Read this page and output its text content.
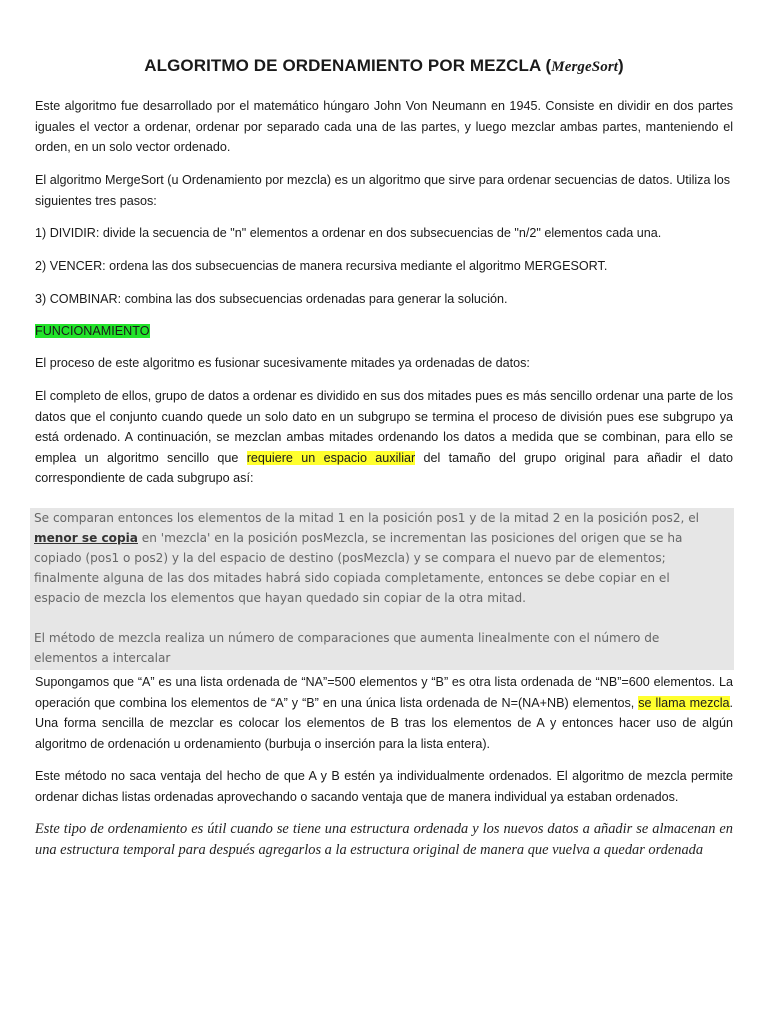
ALGORITMO DE ORDENAMIENTO POR MEZCLA (MergeSort)

Este algoritmo fue desarrollado por el matemático húngaro John Von Neumann en 1945. Consiste en dividir en dos partes iguales el vector a ordenar, ordenar por separado cada una de las partes, y luego mezclar ambas partes, manteniendo el orden, en un solo vector ordenado.

El algoritmo MergeSort (u Ordenamiento por mezcla) es un algoritmo que sirve para ordenar secuencias de datos. Utiliza los siguientes tres pasos:

1) DIVIDIR: divide la secuencia de "n" elementos a ordenar en dos subsecuencias de "n/2" elementos cada una.

2) VENCER: ordena las dos subsecuencias de manera recursiva mediante el algoritmo MERGESORT.

3) COMBINAR: combina las dos subsecuencias ordenadas para generar la solución.

FUNCIONAMIENTO

El proceso de este algoritmo es fusionar sucesivamente mitades ya ordenadas de datos:

El completo de ellos, grupo de datos a ordenar es dividido en sus dos mitades pues es más sencillo ordenar una parte de los datos que el conjunto cuando quede un solo dato en un subgrupo se termina el proceso de división pues ese subgrupo ya está ordenado. A continuación, se mezclan ambas mitades ordenando los datos a medida que se combinan, para ello se emplea un algoritmo sencillo que requiere un espacio auxiliar del tamaño del grupo original para añadir el dato correspondiente de cada subgrupo así:

Se comparan entonces los elementos de la mitad 1 en la posición pos1 y de la mitad 2 en la posición pos2, el
menor se copia en 'mezcla' en la posición posMezcla, se incrementan las posiciones del origen que se ha
copiado (pos1 o pos2) y la del espacio de destino (posMezcla) y se compara el nuevo par de elementos;
finalmente alguna de las dos mitades habrá sido copiada completamente, entonces se debe copiar en el
espacio de mezcla los elementos que hayan quedado sin copiar de la otra mitad.
El método de mezcla realiza un número de comparaciones que aumenta linealmente con el número de
elementos a intercalar

Supongamos que “A” es una lista ordenada de “NA”=500 elementos y “B” es otra lista ordenada de “NB”=600 elementos. La operación que combina los elementos de “A” y “B” en una única lista ordenada de N=(NA+NB) elementos, se llama mezcla. Una forma sencilla de mezclar es colocar los elementos de B tras los elementos de A y entonces hacer uso de algún algoritmo de ordenación u ordenamiento (burbuja o inserción para la lista entera).

Este método no saca ventaja del hecho de que A y B estén ya individualmente ordenados. El algoritmo de mezcla permite ordenar dichas listas ordenadas aprovechando o sacando ventaja que de manera individual ya estaban ordenados.

Este tipo de ordenamiento es útil cuando se tiene una estructura ordenada y los nuevos datos a añadir se almacenan en una estructura temporal para después agregarlos a la estructura original de manera que vuelva a quedar ordenada
